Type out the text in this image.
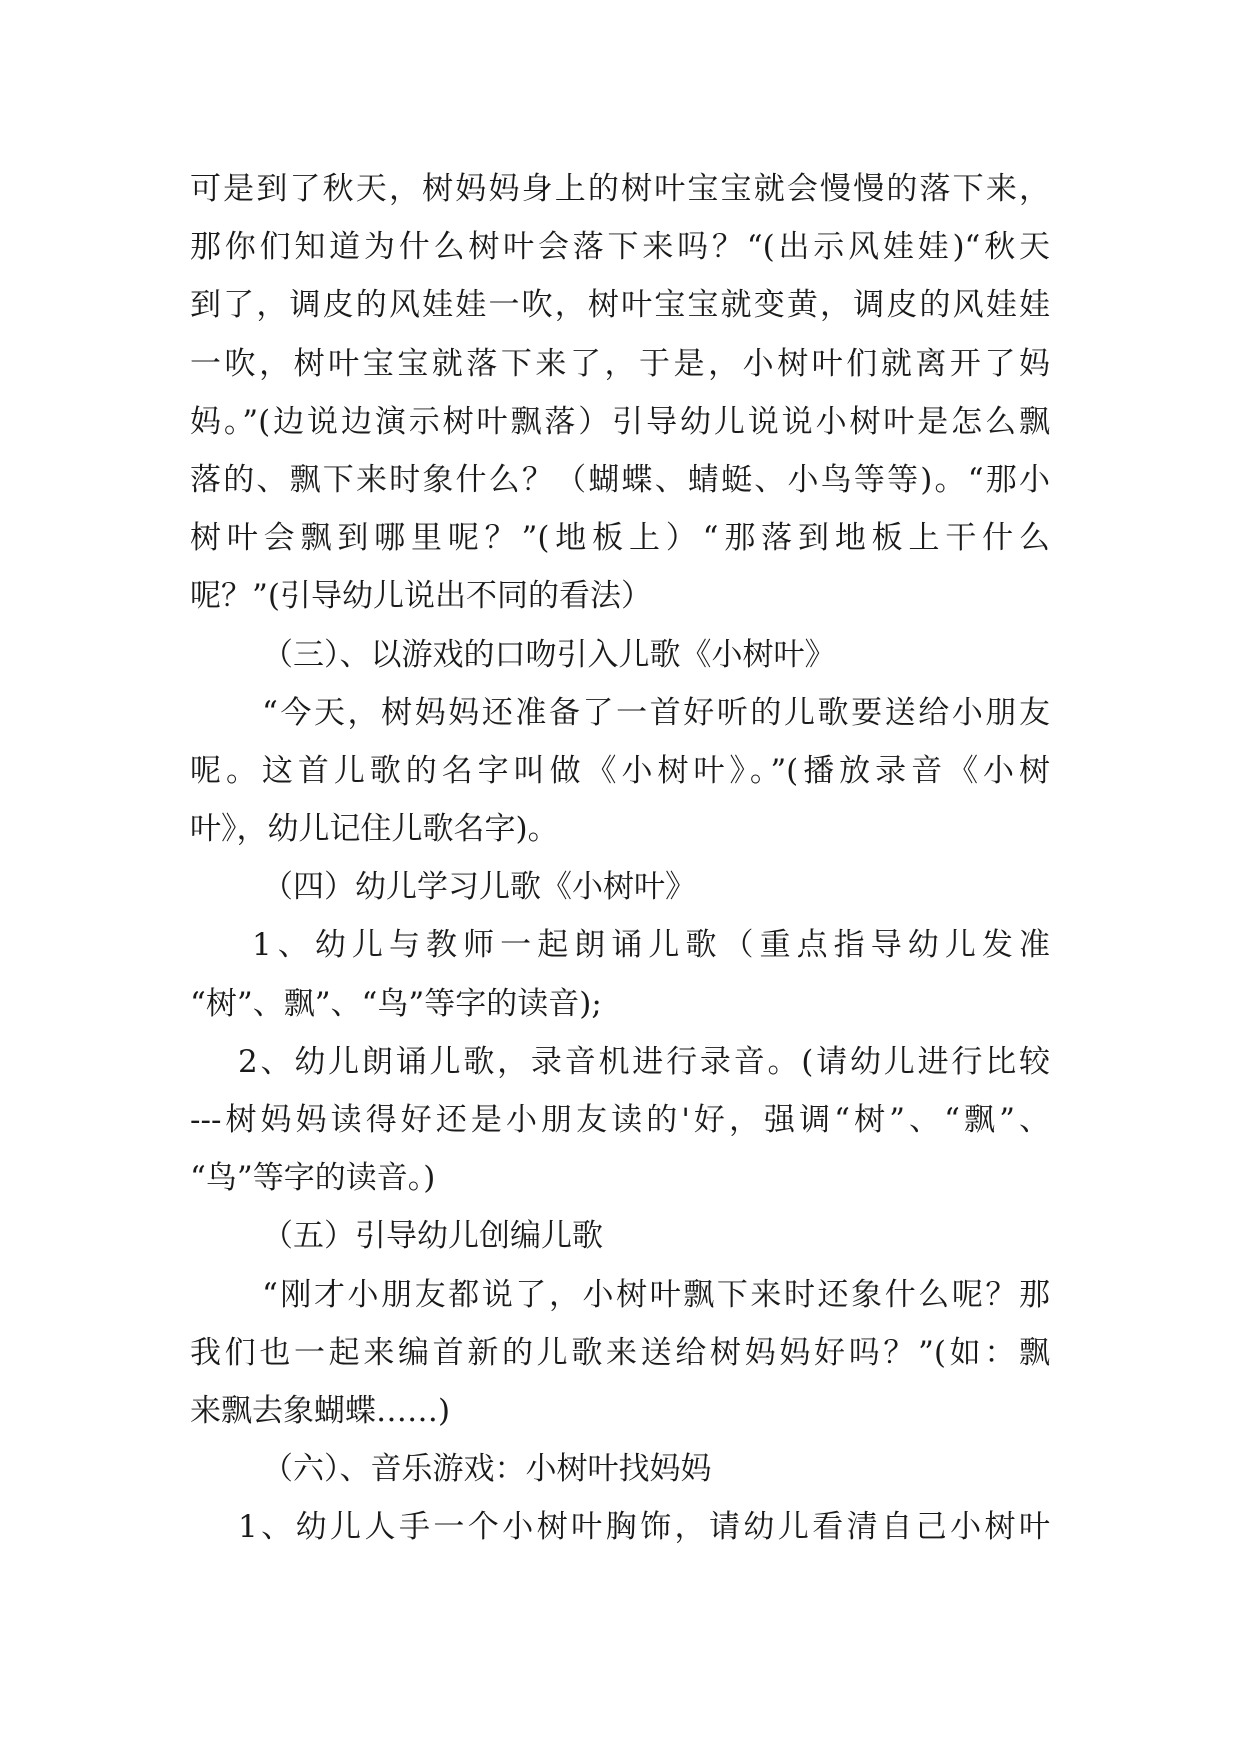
可是到了秋天，树妈妈身上的树叶宝宝就会慢慢的落下来，
那你们知道为什么树叶会落下来吗？“(出示风娃娃)“秋天
到了，调皮的风娃娃一吹，树叶宝宝就变黄，调皮的风娃娃
一吹，树叶宝宝就落下来了，于是，小树叶们就离开了妈
妈。”(边说边演示树叶飘落）引导幼儿说说小树叶是怎么飘
落的、飘下来时象什么？（蝴蝶、蜻蜓、小鸟等等)。“那小
树叶会飘到哪里呢？”(地板上）“那落到地板上干什么
呢？”(引导幼儿说出不同的看法）
（三）、以游戏的口吻引入儿歌《小树叶》
“今天，树妈妈还准备了一首好听的儿歌要送给小朋友
呢。这首儿歌的名字叫做《小树叶》。”(播放录音《小树
叶》，幼儿记住儿歌名字)。
（四）幼儿学习儿歌《小树叶》
1、幼儿与教师一起朗诵儿歌（重点指导幼儿发准
“树”、飘”、“鸟”等字的读音);
2、幼儿朗诵儿歌，录音机进行录音。(请幼儿进行比较
---树妈妈读得好还是小朋友读的'好，强调“树”、“飘”、
“鸟”等字的读音。)
（五）引导幼儿创编儿歌
“刚才小朋友都说了，小树叶飘下来时还象什么呢？那
我们也一起来编首新的儿歌来送给树妈妈好吗？”(如：飘
来飘去象蝴蝶……)
（六）、音乐游戏：小树叶找妈妈
1、幼儿人手一个小树叶胸饰，请幼儿看清自己小树叶
